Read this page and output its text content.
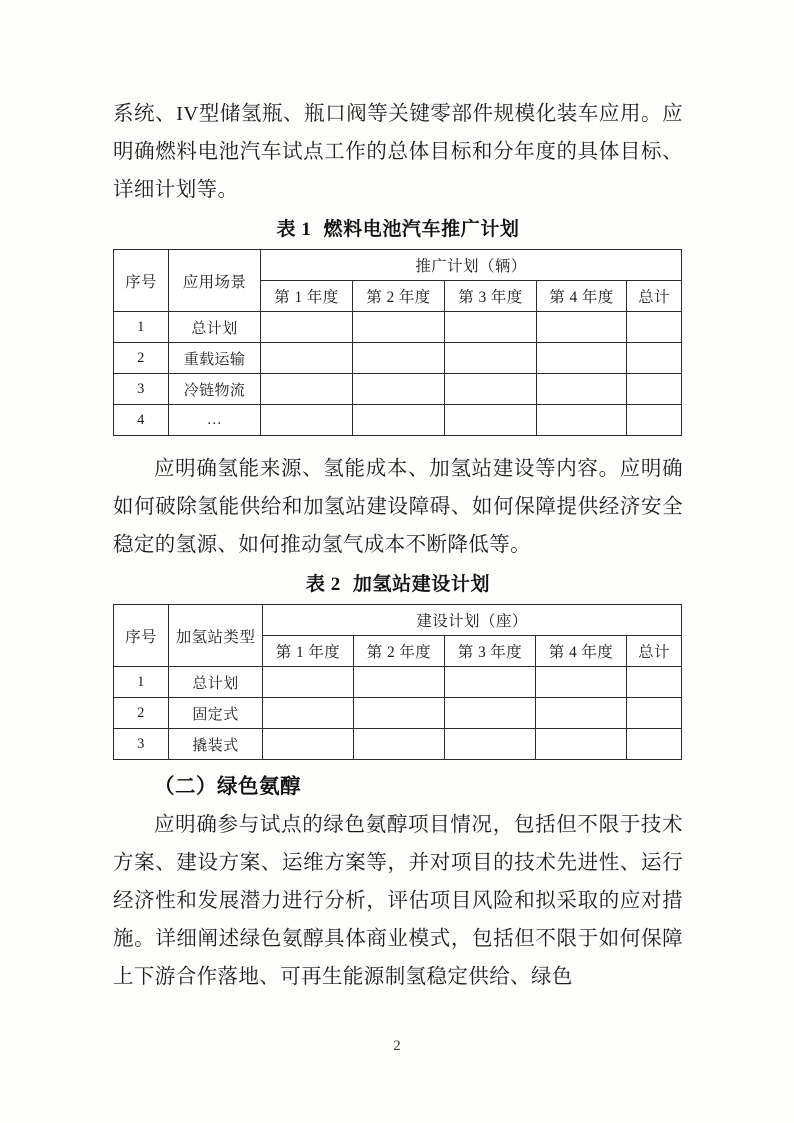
系统、IV型储氢瓶、瓶口阀等关键零部件规模化装车应用。应明确燃料电池汽车试点工作的总体目标和分年度的具体目标、详细计划等。

表 1 燃料电池汽车推广计划
序号	应用场景	推广计划（辆）				
		第 1 年度	第 2 年度	第 3 年度	第 4 年度	总计
1	总计划					
2	重载运输					
3	冷链物流					
4	…					

应明确氢能来源、氢能成本、加氢站建设等内容。应明确如何破除氢能供给和加氢站建设障碍、如何保障提供经济安全稳定的氢源、如何推动氢气成本不断降低等。

表 2 加氢站建设计划
序号	加氢站类型	建设计划（座）				
		第 1 年度	第 2 年度	第 3 年度	第 4 年度	总计
1	总计划					
2	固定式					
3	撬装式					

（二）绿色氨醇

应明确参与试点的绿色氨醇项目情况，包括但不限于技术方案、建设方案、运维方案等，并对项目的技术先进性、运行经济性和发展潜力进行分析，评估项目风险和拟采取的应对措施。详细阐述绿色氨醇具体商业模式，包括但不限于如何保障上下游合作落地、可再生能源制氢稳定供给、绿色

2
